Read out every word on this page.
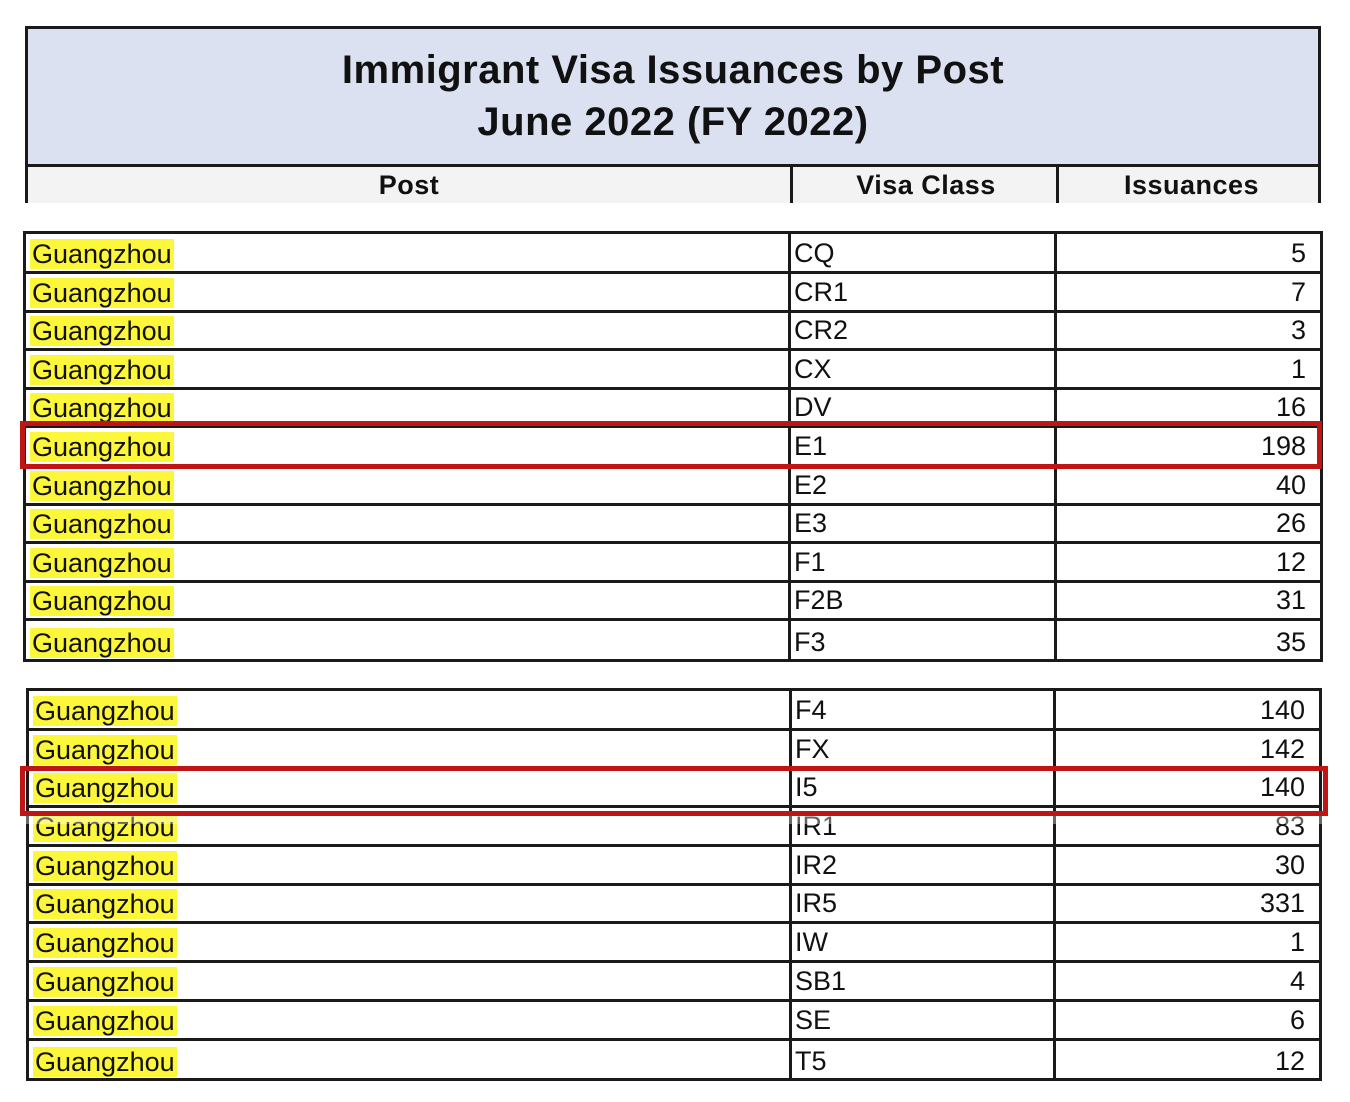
Immigrant Visa Issuances by Post
June 2022 (FY 2022)
Post	Visa Class	Issuances
Guangzhou	CQ	5
Guangzhou	CR1	7
Guangzhou	CR2	3
Guangzhou	CX	1
Guangzhou	DV	16
Guangzhou	E1	198
Guangzhou	E2	40
Guangzhou	E3	26
Guangzhou	F1	12
Guangzhou	F2B	31
Guangzhou	F3	35
Guangzhou	F4	140
Guangzhou	FX	142
Guangzhou	I5	140
Guangzhou	IR1	83
Guangzhou	IR2	30
Guangzhou	IR5	331
Guangzhou	IW	1
Guangzhou	SB1	4
Guangzhou	SE	6
Guangzhou	T5	12
